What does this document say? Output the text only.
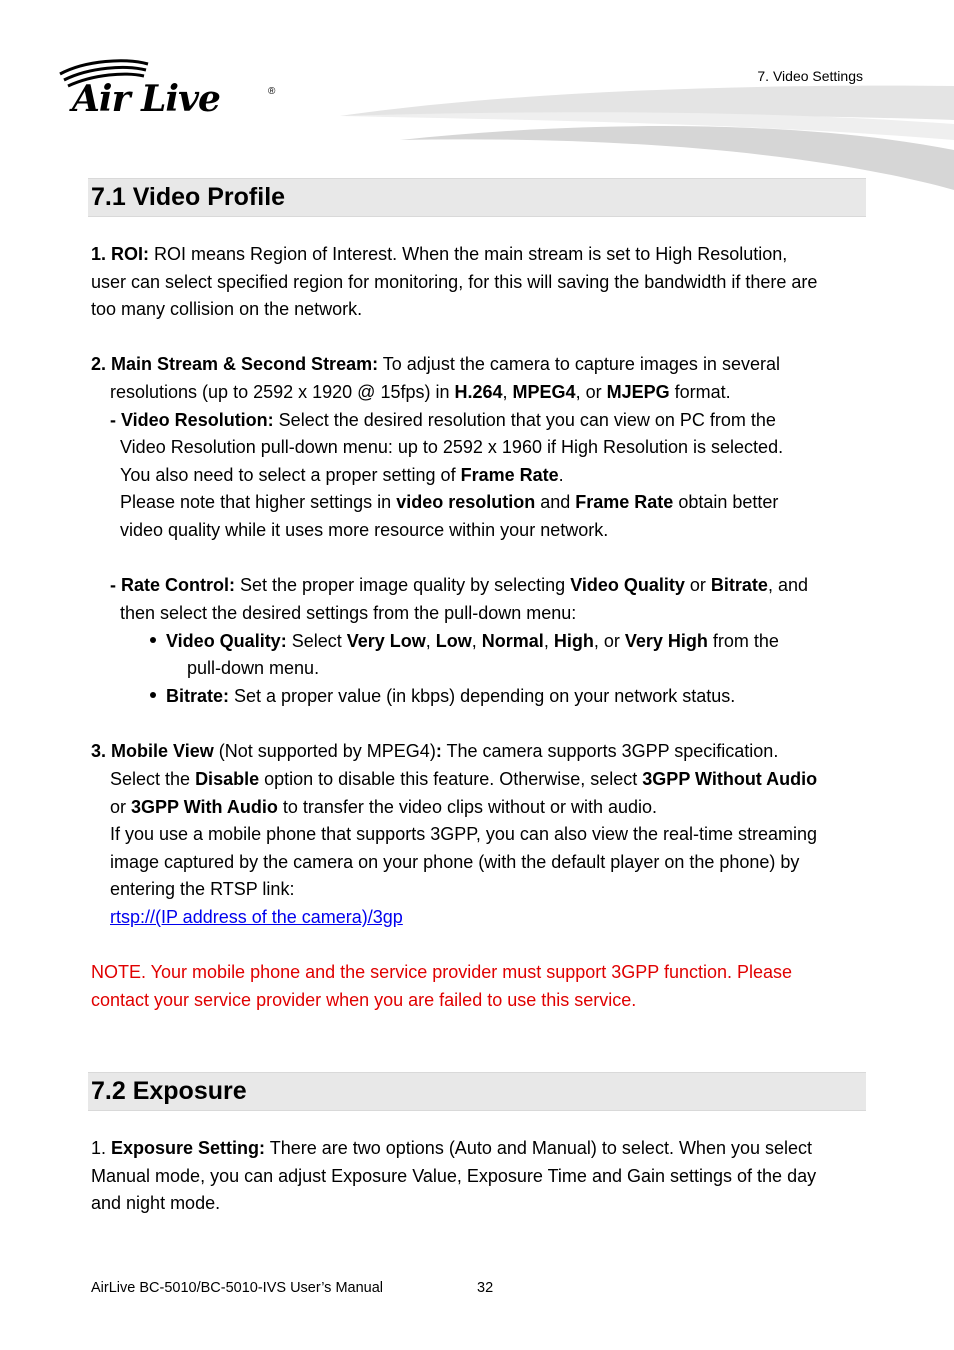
Air Live	®
7. Video Settings
7.1 Video Profile
1. ROI: ROI means Region of Interest. When the main stream is set to High Resolution,
user can select specified region for monitoring, for this will saving the bandwidth if there are
too many collision on the network.
2. Main Stream & Second Stream: To adjust the camera to capture images in several
resolutions (up to 2592 x 1920 @ 15fps) in H.264, MPEG4, or MJEPG format.
- Video Resolution: Select the desired resolution that you can view on PC from the
Video Resolution pull-down menu: up to 2592 x 1960 if High Resolution is selected.
You also need to select a proper setting of Frame Rate.
Please note that higher settings in video resolution and Frame Rate obtain better
video quality while it uses more resource within your network.
- Rate Control: Set the proper image quality by selecting Video Quality or Bitrate, and
then select the desired settings from the pull-down menu:
Video Quality: Select Very Low, Low, Normal, High, or Very High from the
pull-down menu.
Bitrate: Set a proper value (in kbps) depending on your network status.
3. Mobile View (Not supported by MPEG4): The camera supports 3GPP specification.
Select the Disable option to disable this feature. Otherwise, select 3GPP Without Audio
or 3GPP With Audio to transfer the video clips without or with audio.
If you use a mobile phone that supports 3GPP, you can also view the real-time streaming
image captured by the camera on your phone (with the default player on the phone) by
entering the RTSP link:
rtsp://(IP address of the camera)/3gp
NOTE. Your mobile phone and the service provider must support 3GPP function. Please
contact your service provider when you are failed to use this service.
7.2 Exposure
1. Exposure Setting: There are two options (Auto and Manual) to select. When you select
Manual mode, you can adjust Exposure Value, Exposure Time and Gain settings of the day
and night mode.
AirLive BC-5010/BC-5010-IVS User’s Manual	32
